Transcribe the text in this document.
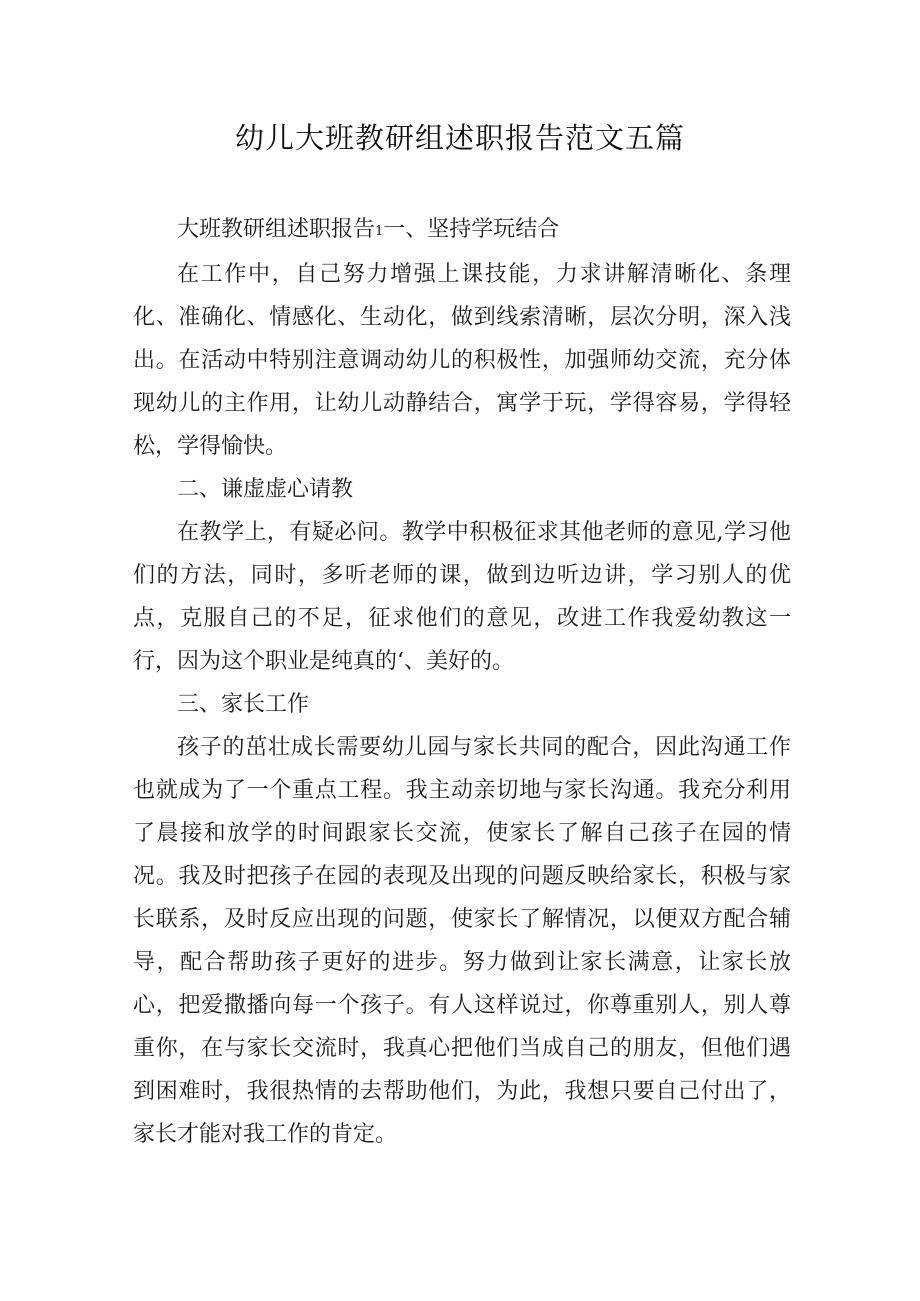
幼儿大班教研组述职报告范文五篇

大班教研组述职报告1一、坚持学玩结合

在工作中，自己努力增强上课技能，力求讲解清晰化、条理化、准确化、情感化、生动化，做到线索清晰，层次分明，深入浅出。在活动中特别注意调动幼儿的积极性，加强师幼交流，充分体现幼儿的主作用，让幼儿动静结合，寓学于玩，学得容易，学得轻松，学得愉快。

二、谦虚虚心请教

在教学上，有疑必问。教学中积极征求其他老师的意见,学习他们的方法，同时，多听老师的课，做到边听边讲，学习别人的优点，克服自己的不足，征求他们的意见，改进工作我爱幼教这一行，因为这个职业是纯真的‘、美好的。

三、家长工作

孩子的茁壮成长需要幼儿园与家长共同的配合，因此沟通工作也就成为了一个重点工程。我主动亲切地与家长沟通。我充分利用了晨接和放学的时间跟家长交流，使家长了解自己孩子在园的情况。我及时把孩子在园的表现及出现的问题反映给家长，积极与家长联系，及时反应出现的问题，使家长了解情况，以便双方配合辅导，配合帮助孩子更好的进步。努力做到让家长满意，让家长放心，把爱撒播向每一个孩子。有人这样说过，你尊重别人，别人尊重你，在与家长交流时，我真心把他们当成自己的朋友，但他们遇到困难时，我很热情的去帮助他们，为此，我想只要自己付出了，家长才能对我工作的肯定。
